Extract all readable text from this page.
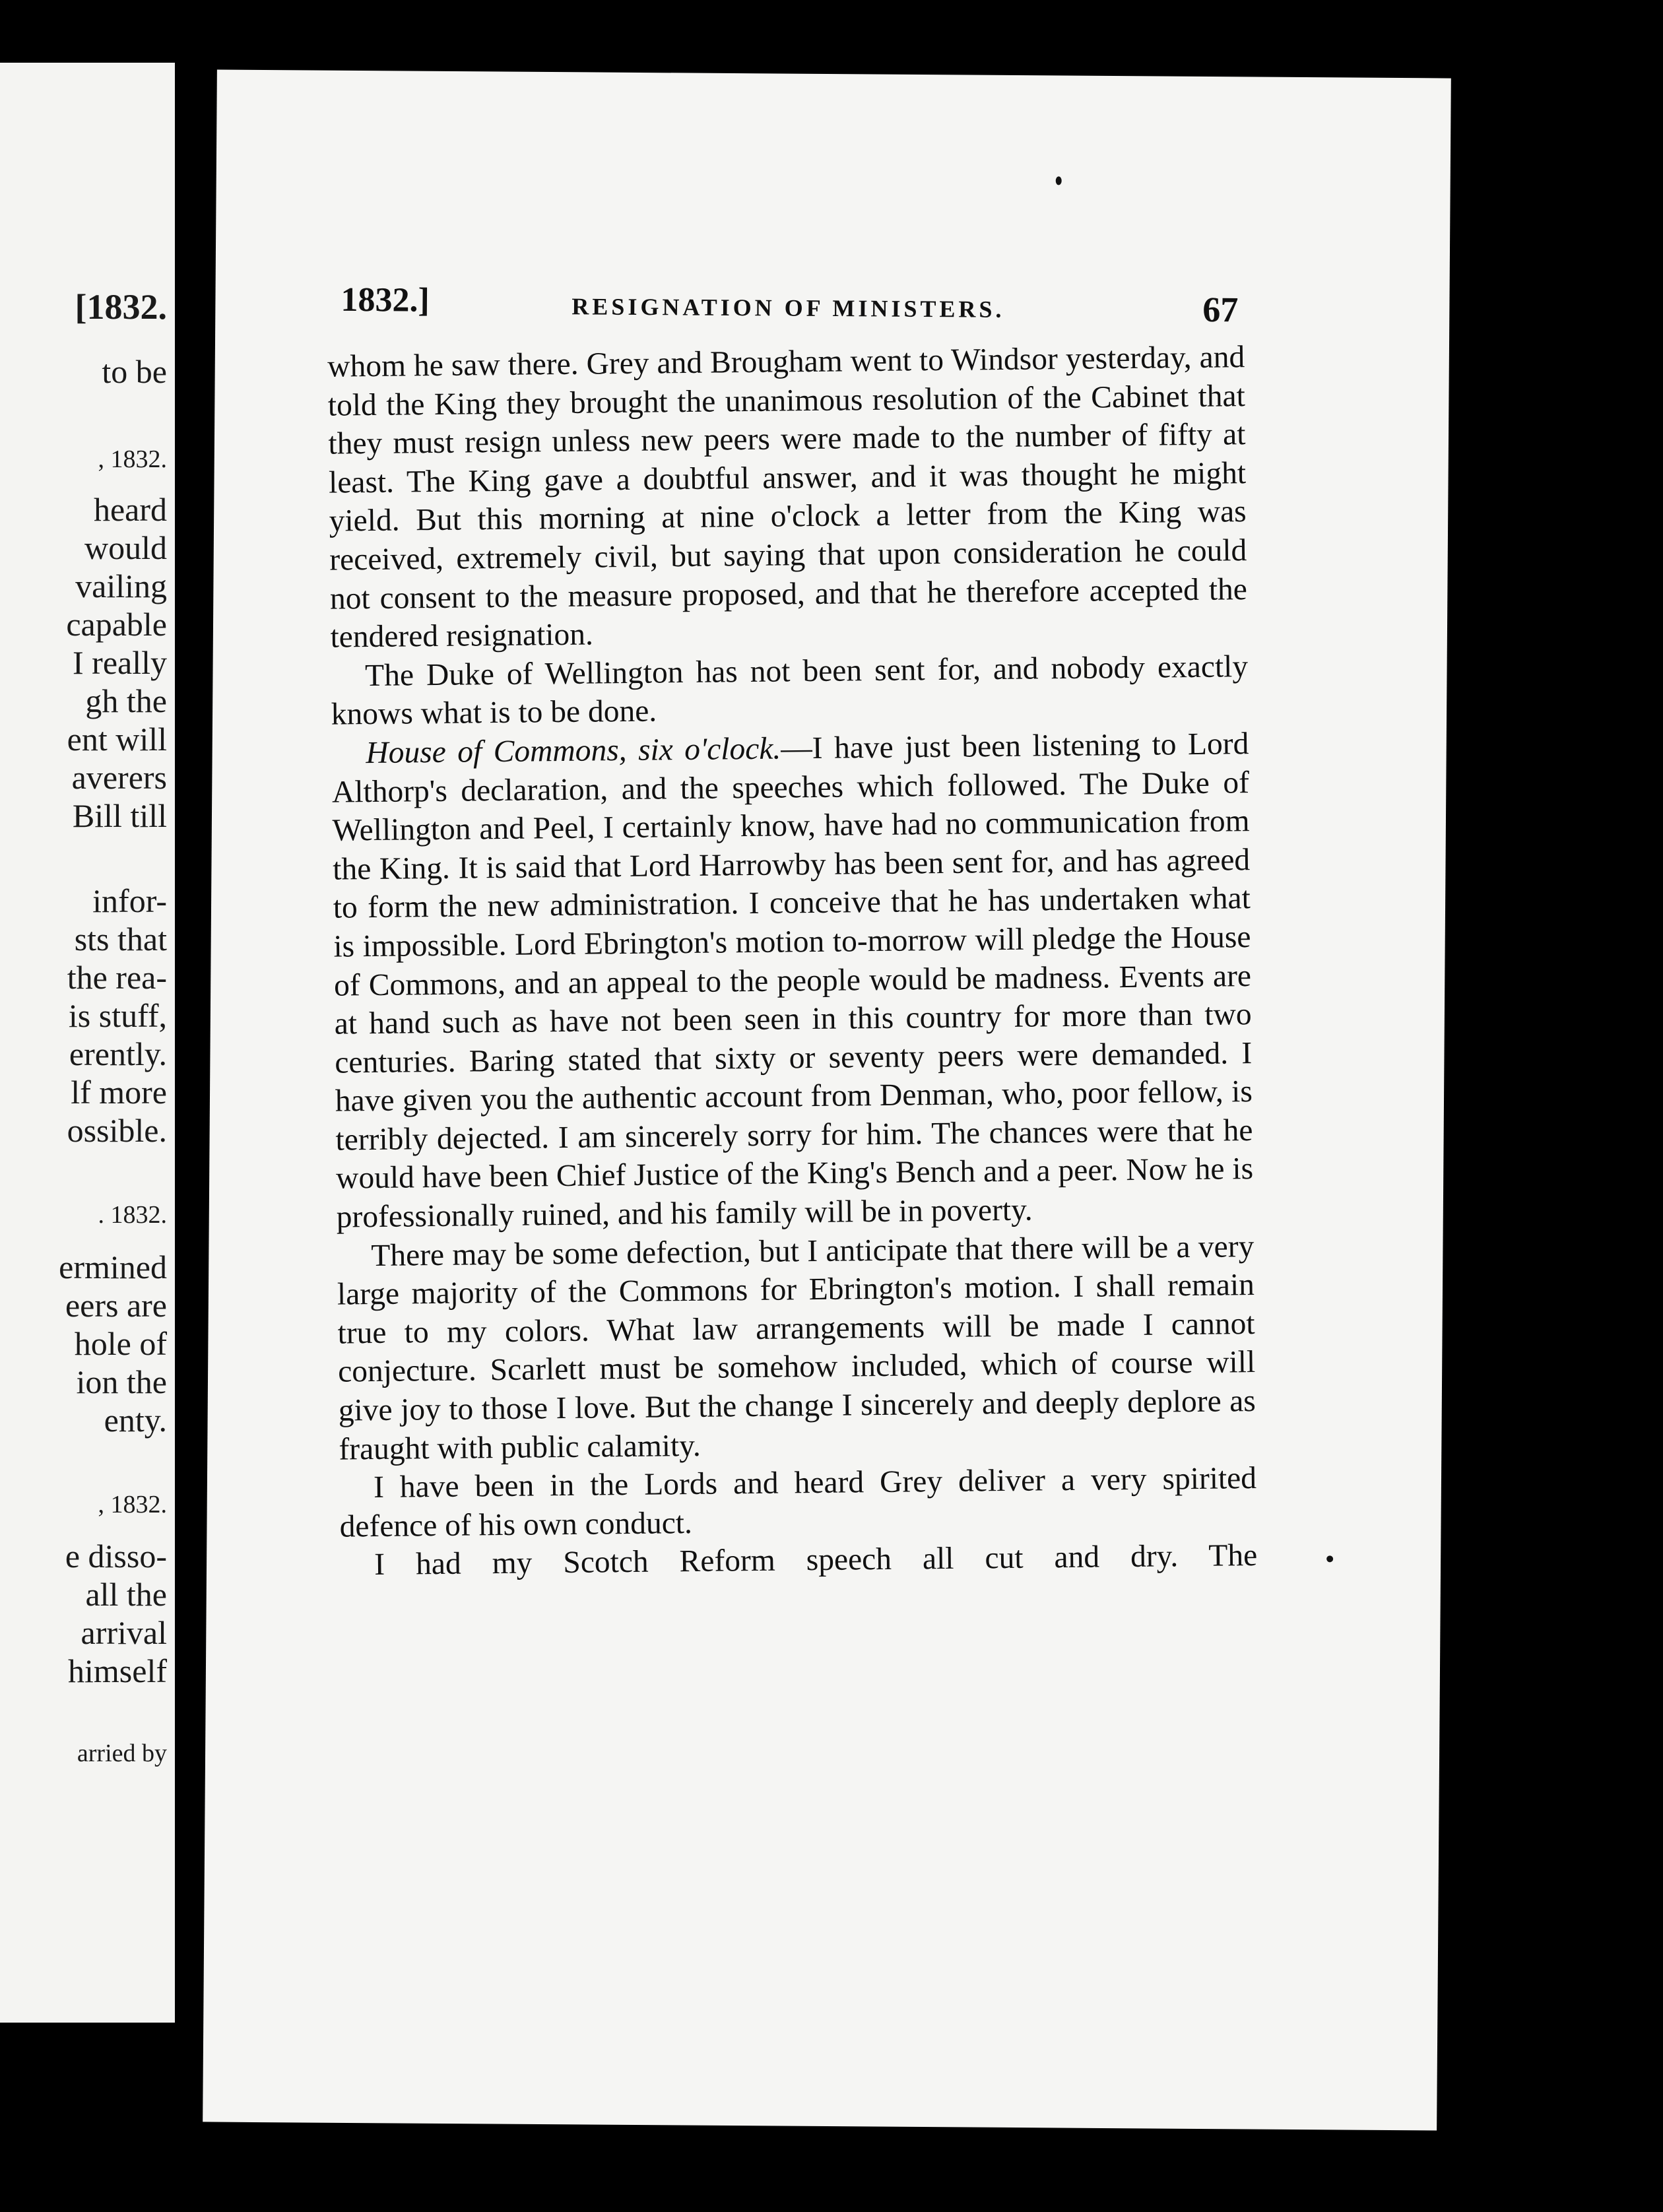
[1832.
to be
, 1832.
heard
would
vailing
capable
I really
gh the
ent will
averers
Bill till
infor-
sts that
the rea-
is stuff,
erently.
lf more
ossible.
. 1832.
ermined
eers are
hole of
ion the
enty.
, 1832.
e disso-
all the
arrival
himself
arried by
1832.]	RESIGNATION OF MINISTERS.	67

whom he saw there. Grey and Brougham went to Windsor yesterday, and told the King they brought the unanimous resolution of the Cabinet that they must resign unless new peers were made to the number of fifty at least. The King gave a doubtful answer, and it was thought he might yield. But this morning at nine o'clock a letter from the King was received, extremely civil, but saying that upon consideration he could not consent to the measure proposed, and that he therefore accepted the tendered resignation.

The Duke of Wellington has not been sent for, and nobody exactly knows what is to be done.

House of Commons, six o'clock.—I have just been listening to Lord Althorp's declaration, and the speeches which followed. The Duke of Wellington and Peel, I certainly know, have had no communication from the King. It is said that Lord Harrowby has been sent for, and has agreed to form the new administration. I conceive that he has undertaken what is impossible. Lord Ebrington's motion to-morrow will pledge the House of Commons, and an appeal to the people would be madness. Events are at hand such as have not been seen in this country for more than two centuries. Baring stated that sixty or seventy peers were demanded. I have given you the authentic account from Denman, who, poor fellow, is terribly dejected. I am sincerely sorry for him. The chances were that he would have been Chief Justice of the King's Bench and a peer. Now he is professionally ruined, and his family will be in poverty.

There may be some defection, but I anticipate that there will be a very large majority of the Commons for Ebrington's motion. I shall remain true to my colors. What law arrangements will be made I cannot conjecture. Scarlett must be somehow included, which of course will give joy to those I love. But the change I sincerely and deeply deplore as fraught with public calamity.

I have been in the Lords and heard Grey deliver a very spirited defence of his own conduct.

I had my Scotch Reform speech all cut and dry. The
